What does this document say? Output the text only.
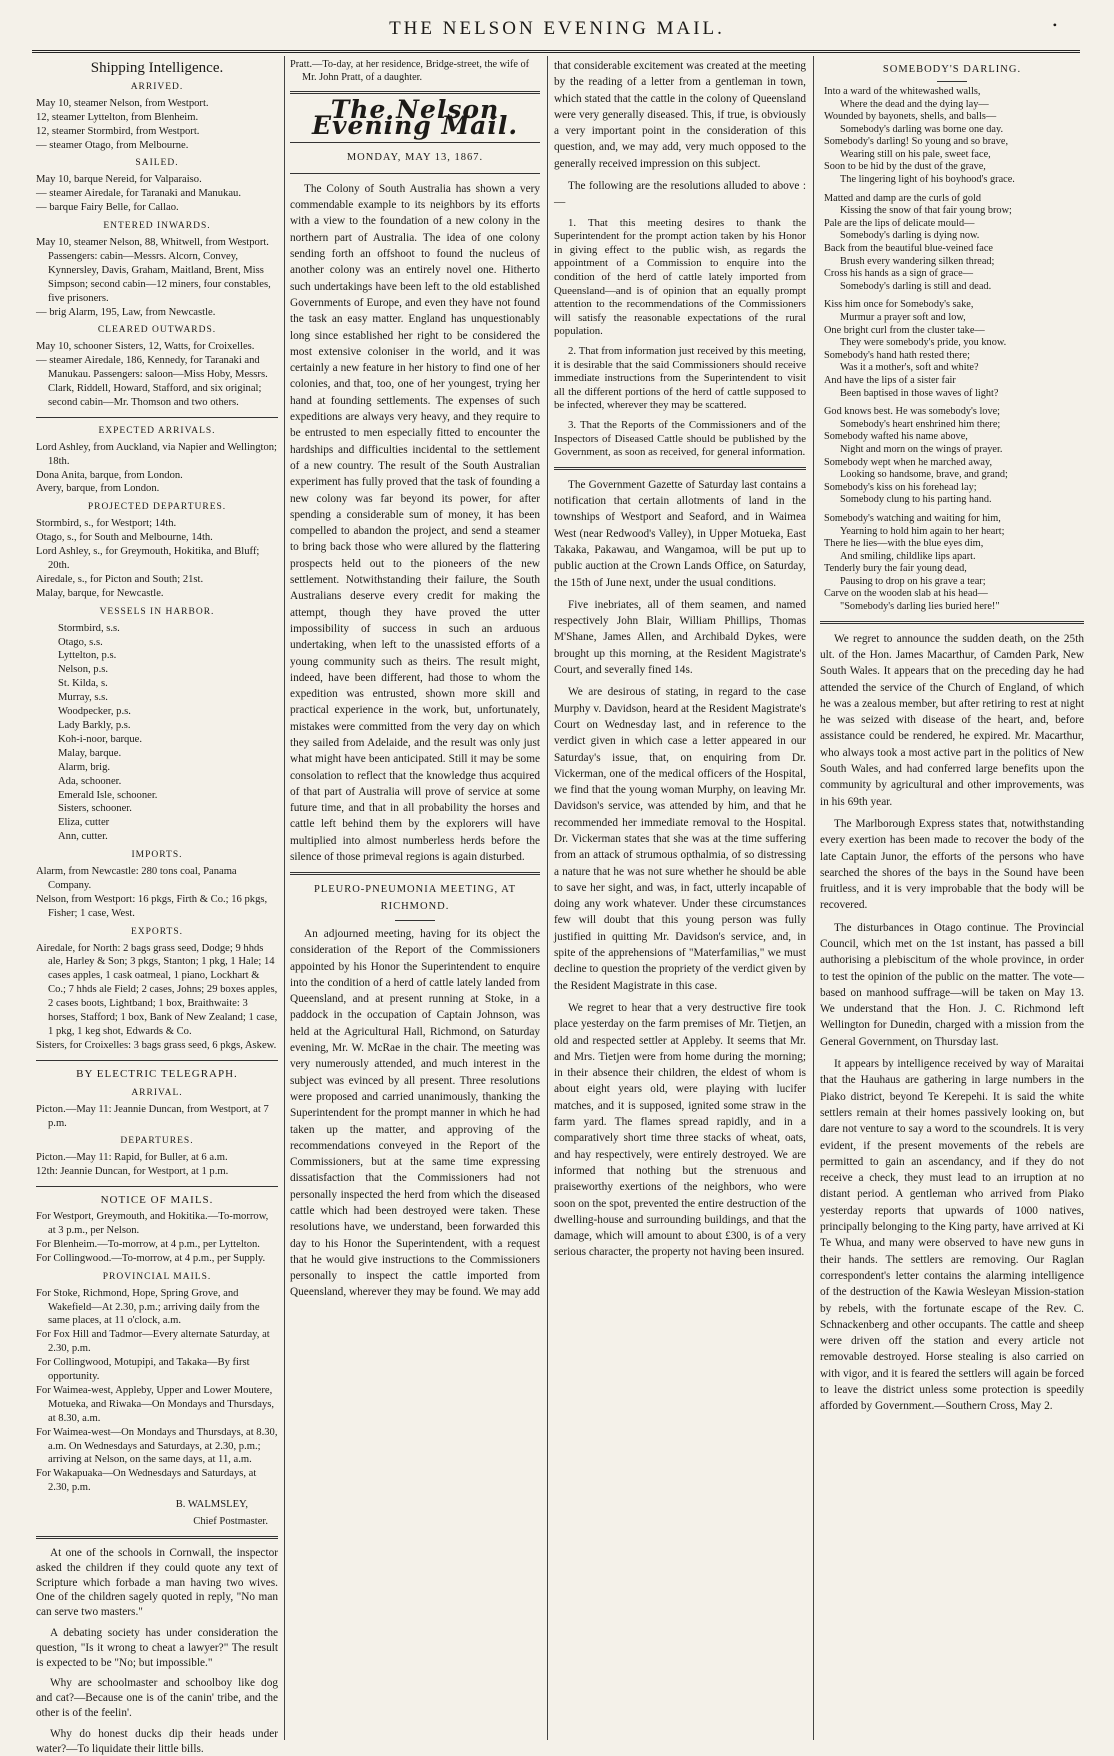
THE NELSON EVENING MAIL.	•
Shipping Intelligence.
ARRIVED.

May 10, steamer Nelson, from Westport.

12, steamer Lyttelton, from Blenheim.

12, steamer Stormbird, from Westport.

— steamer Otago, from Melbourne.

SAILED.

May 10, barque Nereid, for Valparaiso.

— steamer Airedale, for Taranaki and Manukau.

— barque Fairy Belle, for Callao.

ENTERED INWARDS.

May 10, steamer Nelson, 88, Whitwell, from Westport. Passengers: cabin—Messrs. Alcorn, Convey, Kynnersley, Davis, Graham, Maitland, Brent, Miss Simpson; second cabin—12 miners, four constables, five prisoners.

— brig Alarm, 195, Law, from Newcastle.

CLEARED OUTWARDS.

May 10, schooner Sisters, 12, Watts, for Croixelles.

— steamer Airedale, 186, Kennedy, for Taranaki and Manukau. Passengers: saloon—Miss Hoby, Messrs. Clark, Riddell, Howard, Stafford, and six original; second cabin—Mr. Thomson and two others.

EXPECTED ARRIVALS.

Lord Ashley, from Auckland, via Napier and Wellington; 18th.

Dona Anita, barque, from London.

Avery, barque, from London.

PROJECTED DEPARTURES.

Stormbird, s., for Westport; 14th.

Otago, s., for South and Melbourne, 14th.

Lord Ashley, s., for Greymouth, Hokitika, and Bluff; 20th.

Airedale, s., for Picton and South; 21st.

Malay, barque, for Newcastle.

VESSELS IN HARBOR.

Stormbird, s.s.

Otago, s.s.

Lyttelton, p.s.

Nelson, p.s.

St. Kilda, s.

Murray, s.s.

Woodpecker, p.s.

Lady Barkly, p.s.

Koh-i-noor, barque.

Malay, barque.

Alarm, brig.

Ada, schooner.

Emerald Isle, schooner.

Sisters, schooner.

Eliza, cutter

Ann, cutter.

IMPORTS.

Alarm, from Newcastle: 280 tons coal, Panama Company.

Nelson, from Westport: 16 pkgs, Firth & Co.; 16 pkgs, Fisher; 1 case, West.

EXPORTS.

Airedale, for North: 2 bags grass seed, Dodge; 9 hhds ale, Harley & Son; 3 pkgs, Stanton; 1 pkg, 1 Hale; 14 cases apples, 1 cask oatmeal, 1 piano, Lockhart & Co.; 7 hhds ale Field; 2 cases, Johns; 29 boxes apples, 2 cases boots, Lightband; 1 box, Braithwaite: 3 horses, Stafford; 1 box, Bank of New Zealand; 1 case, 1 pkg, 1 keg shot, Edwards & Co.

Sisters, for Croixelles: 3 bags grass seed, 6 pkgs, Askew.

BY ELECTRIC TELEGRAPH.
ARRIVAL.

Picton.—May 11: Jeannie Duncan, from Westport, at 7 p.m.

DEPARTURES.

Picton.—May 11: Rapid, for Buller, at 6 a.m.

12th: Jeannie Duncan, for Westport, at 1 p.m.

NOTICE OF MAILS.

For Westport, Greymouth, and Hokitika.—To-morrow, at 3 p.m., per Nelson.

For Blenheim.—To-morrow, at 4 p.m., per Lyttelton.

For Collingwood.—To-morrow, at 4 p.m., per Supply.

PROVINCIAL MAILS.

For Stoke, Richmond, Hope, Spring Grove, and Wakefield—At 2.30, p.m.; arriving daily from the same places, at 11 o'clock, a.m.

For Fox Hill and Tadmor—Every alternate Saturday, at 2.30, p.m.

For Collingwood, Motupipi, and Takaka—By first opportunity.

For Waimea-west, Appleby, Upper and Lower Moutere, Motueka, and Riwaka—On Mondays and Thursdays, at 8.30, a.m.

For Waimea-west—On Mondays and Thursdays, at 8.30, a.m. On Wednesdays and Saturdays, at 2.30, p.m.; arriving at Nelson, on the same days, at 11, a.m.

For Wakapuaka—On Wednesdays and Saturdays, at 2.30, p.m.

B. WALMSLEY,

Chief Postmaster.

At one of the schools in Cornwall, the inspector asked the children if they could quote any text of Scripture which forbade a man having two wives. One of the children sagely quoted in reply, "No man can serve two masters."

A debating society has under consideration the question, "Is it wrong to cheat a lawyer?" The result is expected to be "No; but impossible."

Why are schoolmaster and schoolboy like dog and cat?—Because one is of the canin' tribe, and the other is of the feelin'.

Why do honest ducks dip their heads under water?—To liquidate their little bills.

Pratt.—To-day, at her residence, Bridge-street, the wife of Mr. John Pratt, of a daughter.

The Nelson Evening Mail.
MONDAY, MAY 13, 1867.

The Colony of South Australia has shown a very commendable example to its neighbors by its efforts with a view to the foundation of a new colony in the northern part of Australia. The idea of one colony sending forth an offshoot to found the nucleus of another colony was an entirely novel one. Hitherto such undertakings have been left to the old established Governments of Europe, and even they have not found the task an easy matter. England has unquestionably long since established her right to be considered the most extensive coloniser in the world, and it was certainly a new feature in her history to find one of her colonies, and that, too, one of her youngest, trying her hand at founding settlements. The expenses of such expeditions are always very heavy, and they require to be entrusted to men especially fitted to encounter the hardships and difficulties incidental to the settlement of a new country. The result of the South Australian experiment has fully proved that the task of founding a new colony was far beyond its power, for after spending a considerable sum of money, it has been compelled to abandon the project, and send a steamer to bring back those who were allured by the flattering prospects held out to the pioneers of the new settlement. Notwithstanding their failure, the South Australians deserve every credit for making the attempt, though they have proved the utter impossibility of success in such an arduous undertaking, when left to the unassisted efforts of a young community such as theirs. The result might, indeed, have been different, had those to whom the expedition was entrusted, shown more skill and practical experience in the work, but, unfortunately, mistakes were committed from the very day on which they sailed from Adelaide, and the result was only just what might have been anticipated. Still it may be some consolation to reflect that the knowledge thus acquired of that part of Australia will prove of service at some future time, and that in all probability the horses and cattle left behind them by the explorers will have multiplied into almost numberless herds before the silence of those primeval regions is again disturbed.

PLEURO-PNEUMONIA MEETING, AT RICHMOND.

An adjourned meeting, having for its object the consideration of the Report of the Commissioners appointed by his Honor the Superintendent to enquire into the condition of a herd of cattle lately landed from Queensland, and at present running at Stoke, in a paddock in the occupation of Captain Johnson, was held at the Agricultural Hall, Richmond, on Saturday evening, Mr. W. McRae in the chair. The meeting was very numerously attended, and much interest in the subject was evinced by all present. Three resolutions were proposed and carried unanimously, thanking the Superintendent for the prompt manner in which he had taken up the matter, and approving of the recommendations conveyed in the Report of the Commissioners, but at the same time expressing dissatisfaction that the Commissioners had not personally inspected the herd from which the diseased cattle which had been destroyed were taken. These resolutions have, we understand, been forwarded this day to his Honor the Superintendent, with a request that he would give instructions to the Commissioners personally to inspect the cattle imported from Queensland, wherever they may be found. We may add

that considerable excitement was created at the meeting by the reading of a letter from a gentleman in town, which stated that the cattle in the colony of Queensland were very generally diseased. This, if true, is obviously a very important point in the consideration of this question, and, we may add, very much opposed to the generally received impression on this subject.

The following are the resolutions alluded to above :—

1. That this meeting desires to thank the Superintendent for the prompt action taken by his Honor in giving effect to the public wish, as regards the appointment of a Commission to enquire into the condition of the herd of cattle lately imported from Queensland—and is of opinion that an equally prompt attention to the recommendations of the Commissioners will satisfy the reasonable expectations of the rural population.

2. That from information just received by this meeting, it is desirable that the said Commissioners should receive immediate instructions from the Superintendent to visit all the different portions of the herd of cattle supposed to be infected, wherever they may be scattered.

3. That the Reports of the Commissioners and of the Inspectors of Diseased Cattle should be published by the Government, as soon as received, for general information.

The Government Gazette of Saturday last contains a notification that certain allotments of land in the townships of Westport and Seaford, and in Waimea West (near Redwood's Valley), in Upper Motueka, East Takaka, Pakawau, and Wangamoa, will be put up to public auction at the Crown Lands Office, on Saturday, the 15th of June next, under the usual conditions.

Five inebriates, all of them seamen, and named respectively John Blair, William Phillips, Thomas M'Shane, James Allen, and Archibald Dykes, were brought up this morning, at the Resident Magistrate's Court, and severally fined 14s.

We are desirous of stating, in regard to the case Murphy v. Davidson, heard at the Resident Magistrate's Court on Wednesday last, and in reference to the verdict given in which case a letter appeared in our Saturday's issue, that, on enquiring from Dr. Vickerman, one of the medical officers of the Hospital, we find that the young woman Murphy, on leaving Mr. Davidson's service, was attended by him, and that he recommended her immediate removal to the Hospital. Dr. Vickerman states that she was at the time suffering from an attack of strumous opthalmia, of so distressing a nature that he was not sure whether he should be able to save her sight, and was, in fact, utterly incapable of doing any work whatever. Under these circumstances few will doubt that this young person was fully justified in quitting Mr. Davidson's service, and, in spite of the apprehensions of "Materfamilias," we must decline to question the propriety of the verdict given by the Resident Magistrate in this case.

We regret to hear that a very destructive fire took place yesterday on the farm premises of Mr. Tietjen, an old and respected settler at Appleby. It seems that Mr. and Mrs. Tietjen were from home during the morning; in their absence their children, the eldest of whom is about eight years old, were playing with lucifer matches, and it is supposed, ignited some straw in the farm yard. The flames spread rapidly, and in a comparatively short time three stacks of wheat, oats, and hay respectively, were entirely destroyed. We are informed that nothing but the strenuous and praiseworthy exertions of the neighbors, who were soon on the spot, prevented the entire destruction of the dwelling-house and surrounding buildings, and that the damage, which will amount to about £300, is of a very serious character, the property not having been insured.

SOMEBODY'S DARLING.

Into a ward of the whitewashed walls,

Where the dead and the dying lay—

Wounded by bayonets, shells, and balls—

Somebody's darling was borne one day.

Somebody's darling! So young and so brave,

Wearing still on his pale, sweet face,

Soon to be hid by the dust of the grave,

The lingering light of his boyhood's grace.

Matted and damp are the curls of gold

Kissing the snow of that fair young brow;

Pale are the lips of delicate mould—

Somebody's darling is dying now.

Back from the beautiful blue-veined face

Brush every wandering silken thread;

Cross his hands as a sign of grace—

Somebody's darling is still and dead.

Kiss him once for Somebody's sake,

Murmur a prayer soft and low,

One bright curl from the cluster take—

They were somebody's pride, you know.

Somebody's hand hath rested there;

Was it a mother's, soft and white?

And have the lips of a sister fair

Been baptised in those waves of light?

God knows best. He was somebody's love;

Somebody's heart enshrined him there;

Somebody wafted his name above,

Night and morn on the wings of prayer.

Somebody wept when he marched away,

Looking so handsome, brave, and grand;

Somebody's kiss on his forehead lay;

Somebody clung to his parting hand.

Somebody's watching and waiting for him,

Yearning to hold him again to her heart;

There he lies—with the blue eyes dim,

And smiling, childlike lips apart.

Tenderly bury the fair young dead,

Pausing to drop on his grave a tear;

Carve on the wooden slab at his head—

"Somebody's darling lies buried here!"

We regret to announce the sudden death, on the 25th ult. of the Hon. James Macarthur, of Camden Park, New South Wales. It appears that on the preceding day he had attended the service of the Church of England, of which he was a zealous member, but after retiring to rest at night he was seized with disease of the heart, and, before assistance could be rendered, he expired. Mr. Macarthur, who always took a most active part in the politics of New South Wales, and had conferred large benefits upon the community by agricultural and other improvements, was in his 69th year.

The Marlborough Express states that, notwithstanding every exertion has been made to recover the body of the late Captain Junor, the efforts of the persons who have searched the shores of the bays in the Sound have been fruitless, and it is very improbable that the body will be recovered.

The disturbances in Otago continue. The Provincial Council, which met on the 1st instant, has passed a bill authorising a plebiscitum of the whole province, in order to test the opinion of the public on the matter. The vote—based on manhood suffrage—will be taken on May 13. We understand that the Hon. J. C. Richmond left Wellington for Dunedin, charged with a mission from the General Government, on Thursday last.

It appears by intelligence received by way of Maraitai that the Hauhaus are gathering in large numbers in the Piako district, beyond Te Kerepehi. It is said the white settlers remain at their homes passively looking on, but dare not venture to say a word to the scoundrels. It is very evident, if the present movements of the rebels are permitted to gain an ascendancy, and if they do not receive a check, they must lead to an irruption at no distant period. A gentleman who arrived from Piako yesterday reports that upwards of 1000 natives, principally belonging to the King party, have arrived at Ki Te Whua, and many were observed to have new guns in their hands. The settlers are removing. Our Raglan correspondent's letter contains the alarming intelligence of the destruction of the Kawia Wesleyan Mission-station by rebels, with the fortunate escape of the Rev. C. Schnackenberg and other occupants. The cattle and sheep were driven off the station and every article not removable destroyed. Horse stealing is also carried on with vigor, and it is feared the settlers will again be forced to leave the district unless some protection is speedily afforded by Government.—Southern Cross, May 2.
